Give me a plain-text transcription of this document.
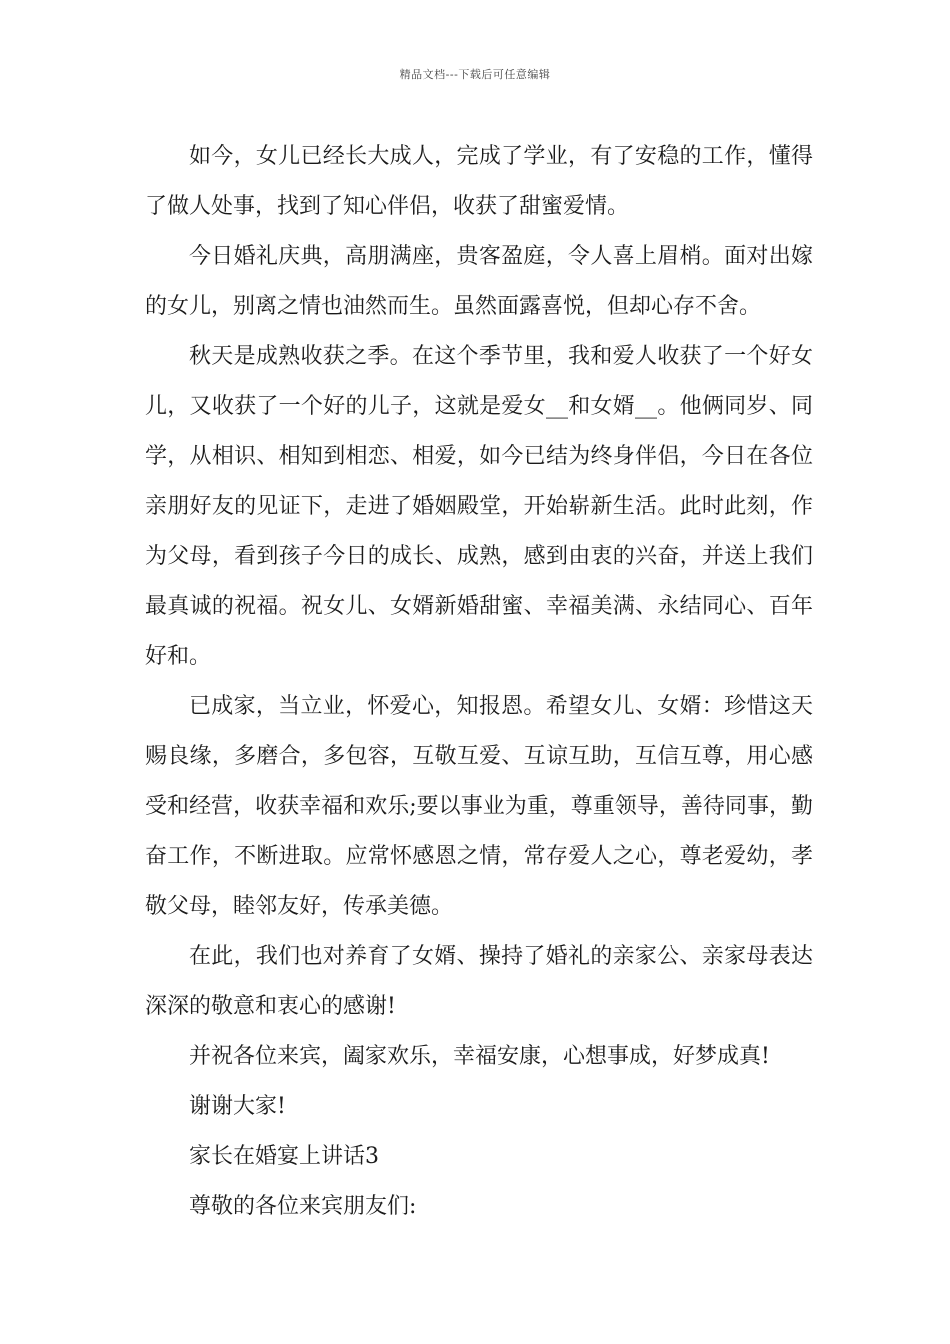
精品文档---下载后可任意编辑

如今，女儿已经长大成人，完成了学业，有了安稳的工作，懂得了做人处事，找到了知心伴侣，收获了甜蜜爱情。

今日婚礼庆典，高朋满座，贵客盈庭，令人喜上眉梢。面对出嫁的女儿，别离之情也油然而生。虽然面露喜悦，但却心存不舍。

秋天是成熟收获之季。在这个季节里，我和爱人收获了一个好女儿，又收获了一个好的儿子，这就是爱女__和女婿__。他俩同岁、同学，从相识、相知到相恋、相爱，如今已结为终身伴侣，今日在各位亲朋好友的见证下，走进了婚姻殿堂，开始崭新生活。此时此刻，作为父母，看到孩子今日的成长、成熟，感到由衷的兴奋，并送上我们最真诚的祝福。祝女儿、女婿新婚甜蜜、幸福美满、永结同心、百年好和。

已成家，当立业，怀爱心，知报恩。希望女儿、女婿：珍惜这天赐良缘，多磨合，多包容，互敬互爱、互谅互助，互信互尊，用心感受和经营，收获幸福和欢乐;要以事业为重，尊重领导，善待同事，勤奋工作，不断进取。应常怀感恩之情，常存爱人之心，尊老爱幼，孝敬父母，睦邻友好，传承美德。

在此，我们也对养育了女婿、操持了婚礼的亲家公、亲家母表达深深的敬意和衷心的感谢!

并祝各位来宾，阖家欢乐，幸福安康，心想事成，好梦成真!

谢谢大家!

家长在婚宴上讲话3

尊敬的各位来宾朋友们:
